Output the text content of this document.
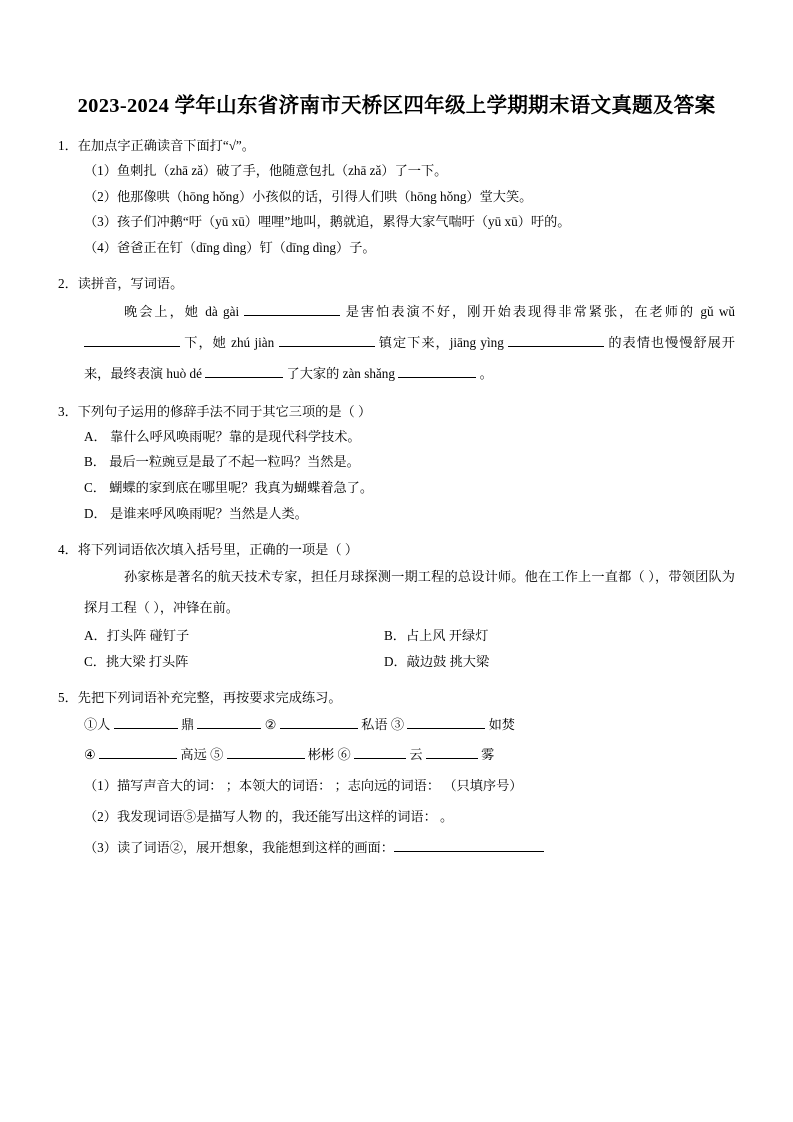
2023-2024 学年山东省济南市天桥区四年级上学期期末语文真题及答案
1．在加点字正确读音下面打“√”。
（1）鱼刺扎（zhā zǎ）破了手，他随意包扎（zhā zǎ）了一下。
（2）他那像哄（hōng hǒng）小孩似的话，引得人们哄（hōng hǒng）堂大笑。
（3）孩子们冲鹅“吁（yū xū）哩哩”地叫，鹅就追，累得大家气喘吁（yū xū）吁的。
（4）爸爸正在钉（dīng dìng）钉（dīng dìng）子。
2．读拼音，写词语。
晚会上，她 dà gài	是害怕表演不好，刚开始表现得非常紧张，在老师的 gǔ wǔ  下，她 zhú jiàn	镇定下来，jiāng yìng	的表情也慢慢舒展开来，最终表演 huò dé	了大家的 zàn shǎng	。
3．下列句子运用的修辞手法不同于其它三项的是（ ）
A． 靠什么呼风唤雨呢？靠的是现代科学技术。
B． 最后一粒豌豆是最了不起一粒吗？当然是。
C． 蝴蝶的家到底在哪里呢？我真为蝴蝶着急了。
D． 是谁来呼风唤雨呢？当然是人类。
4．将下列词语依次填入括号里，正确的一项是（ ）
孙家栋是著名的航天技术专家，担任月球探测一期工程的总设计师。他在工作上一直都（ ），带领团队为探月工程（ ），冲锋在前。
A．打头阵 碰钉子	B．占上风 开绿灯
C．挑大梁 打头阵	D．敲边鼓 挑大梁
5．先把下列词语补充完整，再按要求完成练习。
①人	鼎	②	私语 ③	如焚
④	高远 ⑤	彬彬 ⑥	云	雾
（1）描写声音大的词： ；本领大的词语： ；志向远的词语： （只填序号）
（2）我发现词语⑤是描写人物 的，我还能写出这样的词语： 。
（3）读了词语②，展开想象，我能想到这样的画面：
